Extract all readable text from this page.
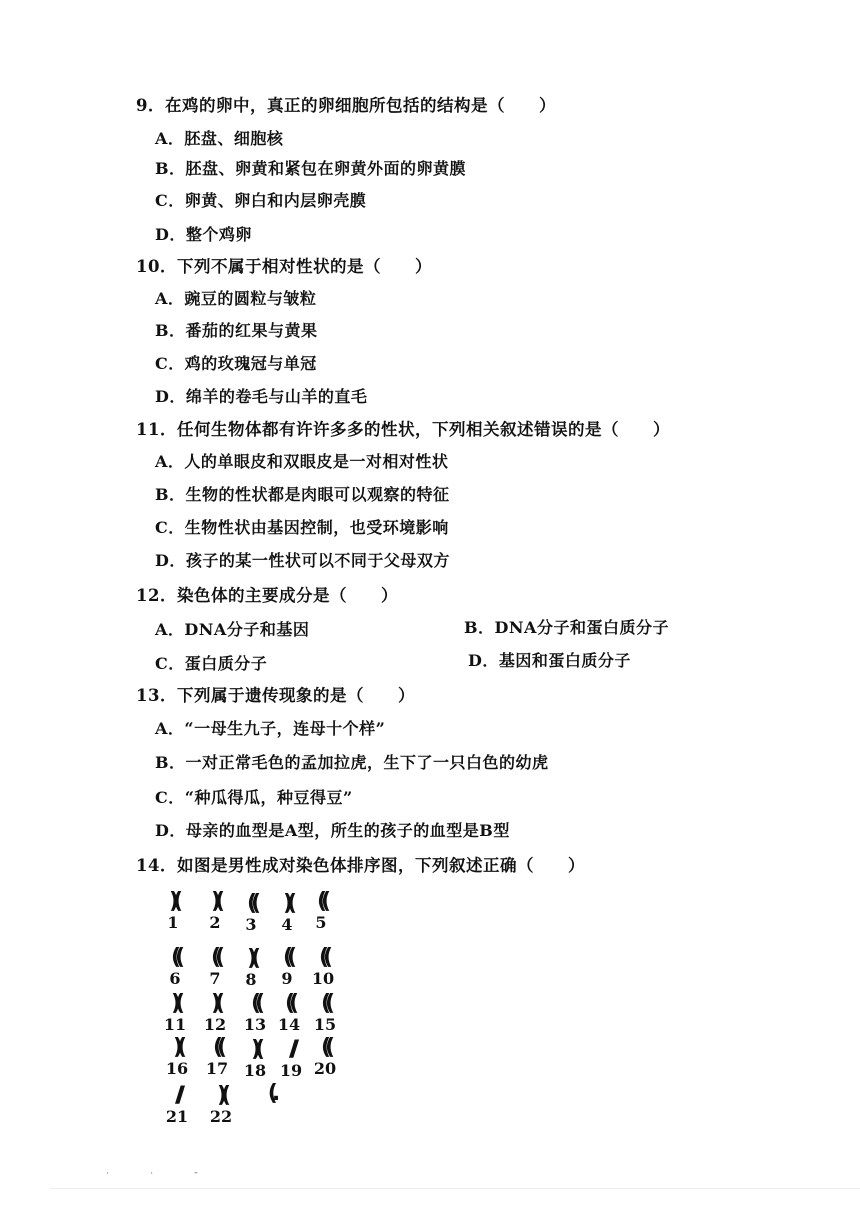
9．在鸡的卵中，真正的卵细胞所包括的结构是（　　）
A．胚盘、细胞核
B．胚盘、卵黄和紧包在卵黄外面的卵黄膜
C．卵黄、卵白和内层卵壳膜
D．整个鸡卵
10．下列不属于相对性状的是（　　）
A．豌豆的圆粒与皱粒
B．番茄的红果与黄果
C．鸡的玫瑰冠与单冠
D．绵羊的卷毛与山羊的直毛
11．任何生物体都有许许多多的性状，下列相关叙述错误的是（　　）
A．人的单眼皮和双眼皮是一对相对性状
B．生物的性状都是肉眼可以观察的特征
C．生物性状由基因控制，也受环境影响
D．孩子的某一性状可以不同于父母双方
12．染色体的主要成分是（　　）
A．DNA分子和基因	B．DNA分子和蛋白质分子
C．蛋白质分子	D．基因和蛋白质分子
13．下列属于遗传现象的是（　　）
A．“一母生九子，连母十个样”
B．一对正常毛色的孟加拉虎，生下了一只白色的幼虎
C．“种瓜得瓜，种豆得豆”
D．母亲的血型是A型，所生的孩子的血型是B型
14．如图是男性成对染色体排序图，下列叙述正确（　　）
)(
1
)(
2
((
3
)(
4
((
5
((
6
((
7
)(
8
((
9
((
10
)(
11
)(
12
((
13
((
14
((
15
)(
16
((
17
)(
18
//
19
((
20
//
21
)(
22
(.
˙ ˙ ˉ
